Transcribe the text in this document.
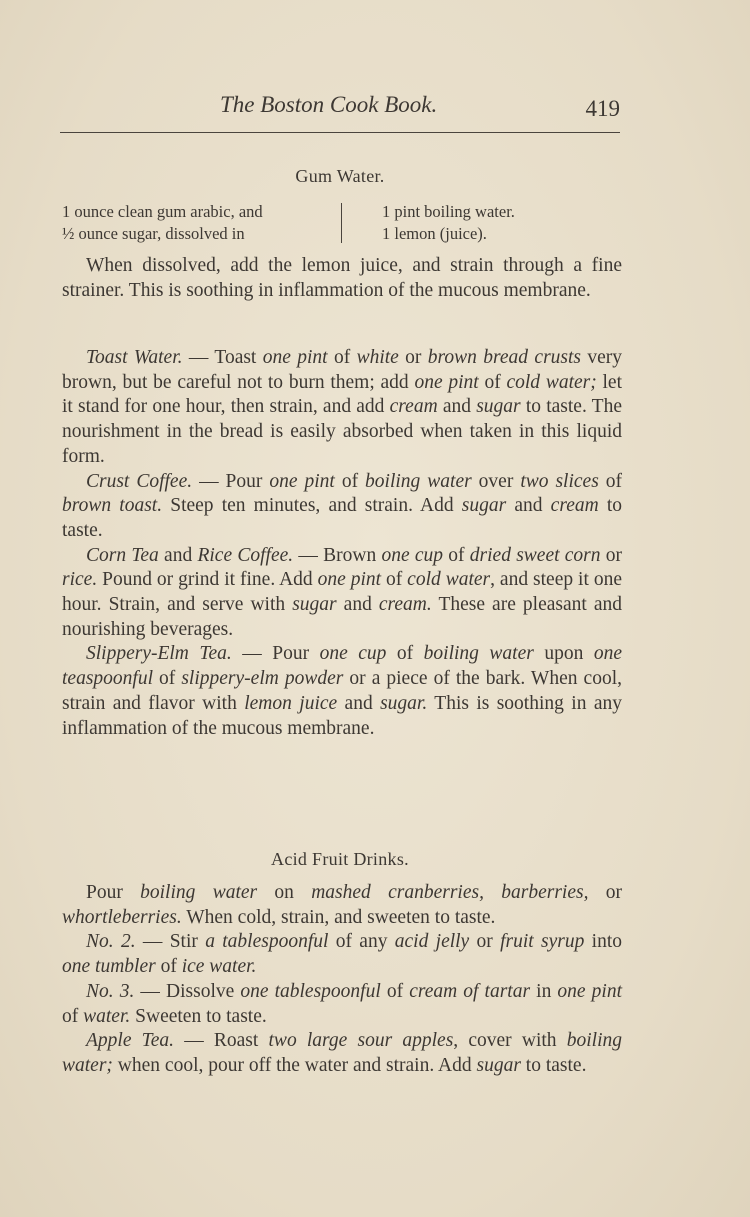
The Boston Cook Book.	419
Gum Water.
1 ounce clean gum arabic, and
½ ounce sugar, dissolved in
1 pint boiling water.
1 lemon (juice).

When dissolved, add the lemon juice, and strain through a fine strainer. This is soothing in inflammation of the mucous membrane.

Toast Water. — Toast one pint of white or brown bread crusts very brown, but be careful not to burn them; add one pint of cold water; let it stand for one hour, then strain, and add cream and sugar to taste. The nourishment in the bread is easily absorbed when taken in this liquid form.

Crust Coffee. — Pour one pint of boiling water over two slices of brown toast. Steep ten minutes, and strain. Add sugar and cream to taste.

Corn Tea and Rice Coffee. — Brown one cup of dried sweet corn or rice. Pound or grind it fine. Add one pint of cold water, and steep it one hour. Strain, and serve with sugar and cream. These are pleasant and nourishing beverages.

Slippery-Elm Tea. — Pour one cup of boiling water upon one teaspoonful of slippery-elm powder or a piece of the bark. When cool, strain and flavor with lemon juice and sugar. This is soothing in any inflammation of the mucous membrane.

Acid Fruit Drinks.

Pour boiling water on mashed cranberries, barberries, or whortleberries. When cold, strain, and sweeten to taste.

No. 2. — Stir a tablespoonful of any acid jelly or fruit syrup into one tumbler of ice water.

No. 3. — Dissolve one tablespoonful of cream of tartar in one pint of water. Sweeten to taste.

Apple Tea. — Roast two large sour apples, cover with boiling water; when cool, pour off the water and strain. Add sugar to taste.
